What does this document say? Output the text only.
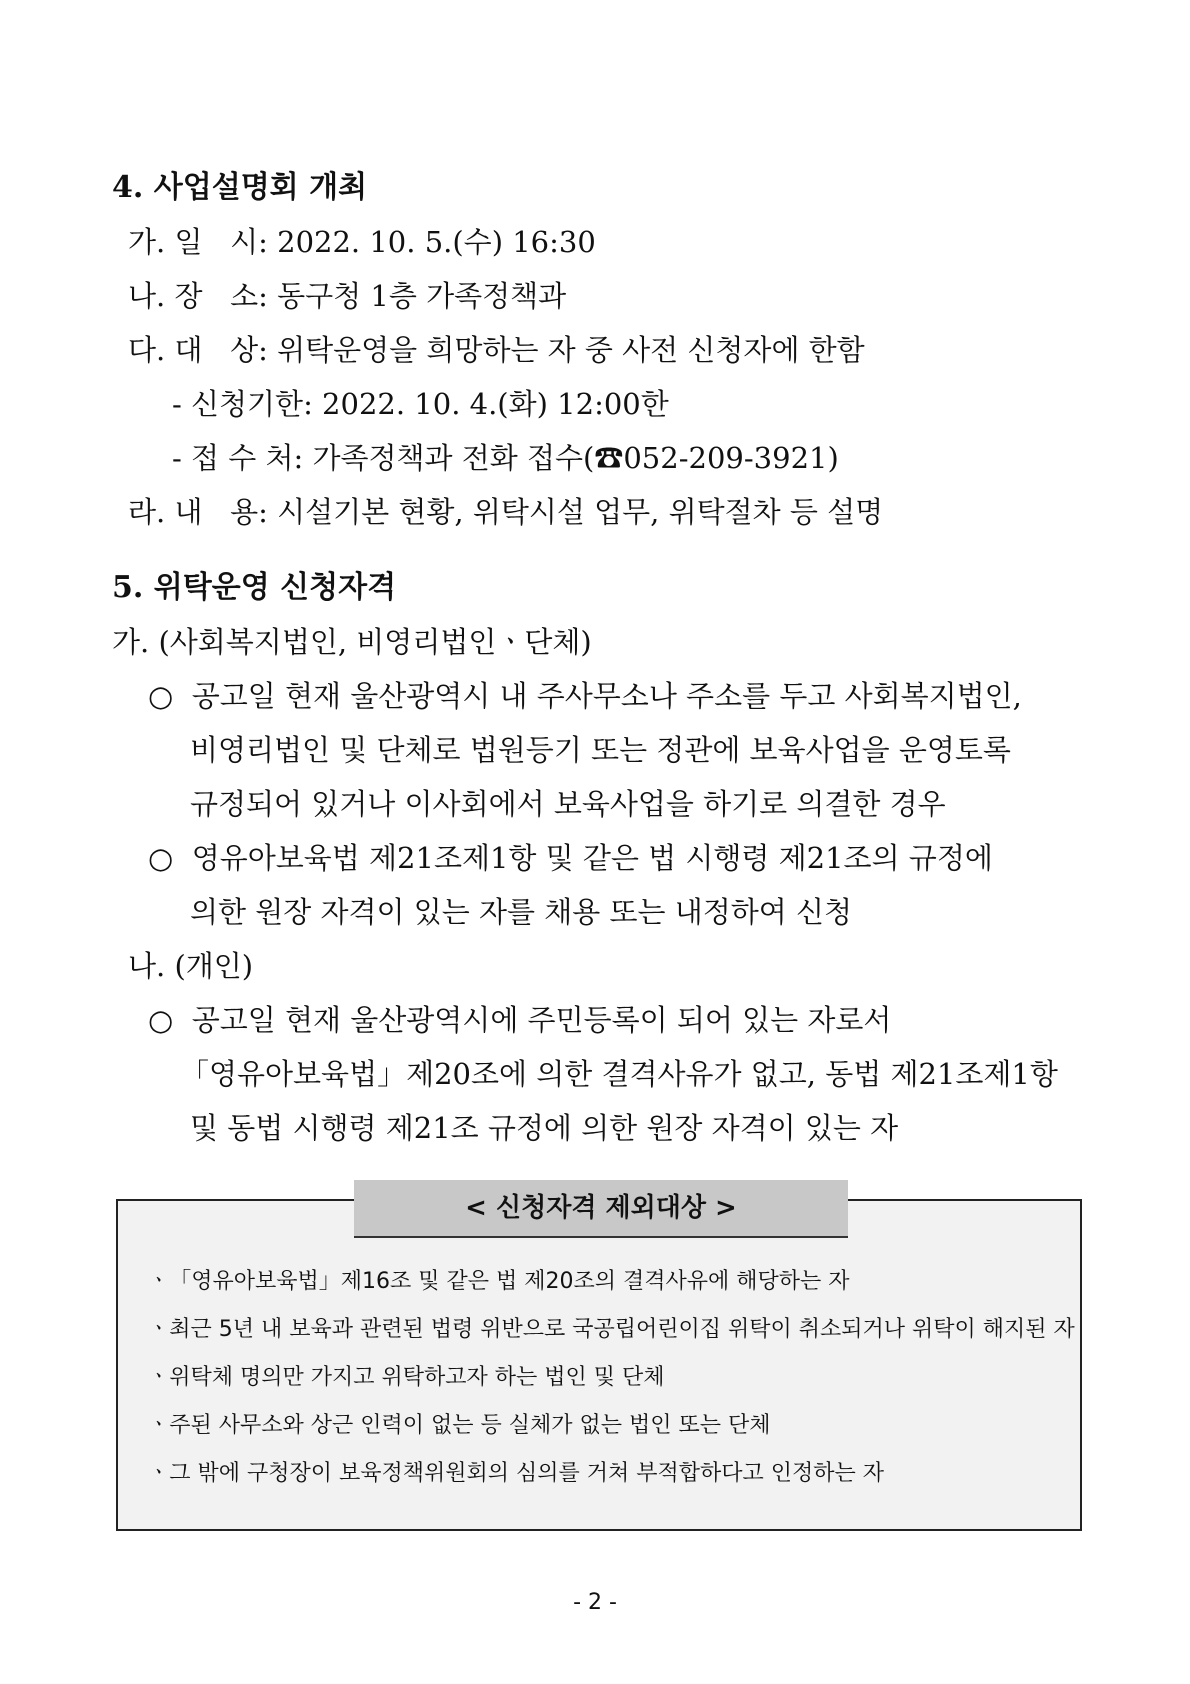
4. 사업설명회 개최
가. 일   시: 2022. 10. 5.(수) 16:30
나. 장   소: 동구청 1층 가족정책과
다. 대   상: 위탁운영을 희망하는 자 중 사전 신청자에 한함
- 신청기한: 2022. 10. 4.(화) 12:00한
- 접 수 처: 가족정책과 전화 접수(☎052-209-3921)
라. 내   용: 시설기본 현황, 위탁시설 업무, 위탁절차 등 설명
5. 위탁운영 신청자격
가. (사회복지법인, 비영리법인ㆍ단체)
○  공고일 현재 울산광역시 내 주사무소나 주소를 두고 사회복지법인,
비영리법인 및 단체로 법원등기 또는 정관에 보육사업을 운영토록
규정되어 있거나 이사회에서 보육사업을 하기로 의결한 경우
○  영유아보육법 제21조제1항 및 같은 법 시행령 제21조의 규정에
의한 원장 자격이 있는 자를 채용 또는 내정하여 신청
나. (개인)
○  공고일 현재 울산광역시에 주민등록이 되어 있는 자로서
「영유아보육법」제20조에 의한 결격사유가 없고, 동법 제21조제1항
및 동법 시행령 제21조 규정에 의한 원장 자격이 있는 자
< 신청자격 제외대상 >
ㆍ「영유아보육법」제16조 및 같은 법 제20조의 결격사유에 해당하는 자
ㆍ최근 5년 내 보육과 관련된 법령 위반으로 국공립어린이집 위탁이 취소되거나 위탁이 해지된 자
ㆍ위탁체 명의만 가지고 위탁하고자 하는 법인 및 단체
ㆍ주된 사무소와 상근 인력이 없는 등 실체가 없는 법인 또는 단체
ㆍ그 밖에 구청장이 보육정책위원회의 심의를 거쳐 부적합하다고 인정하는 자
- 2 -
